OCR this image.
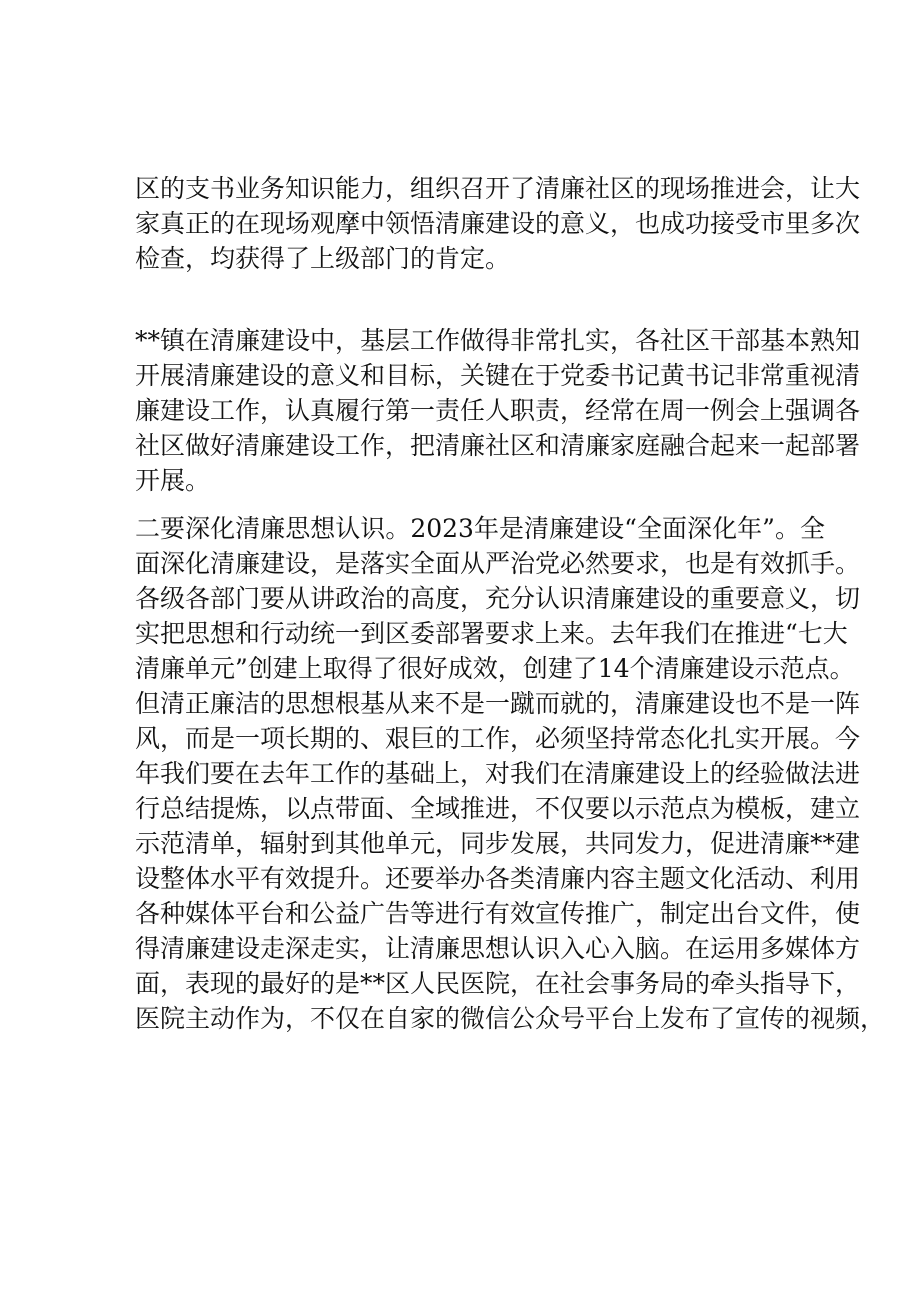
区的支书业务知识能力，组织召开了清廉社区的现场推进会，让大
家真正的在现场观摩中领悟清廉建设的意义，也成功接受市里多次
检查，均获得了上级部门的肯定。
**镇在清廉建设中，基层工作做得非常扎实，各社区干部基本熟知
开展清廉建设的意义和目标，关键在于党委书记黄书记非常重视清
廉建设工作，认真履行第一责任人职责，经常在周一例会上强调各
社区做好清廉建设工作，把清廉社区和清廉家庭融合起来一起部署
开展。
二要深化清廉思想认识。2023年是清廉建设“全面深化年”。全
面深化清廉建设，是落实全面从严治党必然要求，也是有效抓手。
各级各部门要从讲政治的高度，充分认识清廉建设的重要意义，切
实把思想和行动统一到区委部署要求上来。去年我们在推进“七大
清廉单元”创建上取得了很好成效，创建了14个清廉建设示范点。
但清正廉洁的思想根基从来不是一蹴而就的，清廉建设也不是一阵
风，而是一项长期的、艰巨的工作，必须坚持常态化扎实开展。今
年我们要在去年工作的基础上，对我们在清廉建设上的经验做法进
行总结提炼，以点带面、全域推进，不仅要以示范点为模板，建立
示范清单，辐射到其他单元，同步发展，共同发力，促进清廉**建
设整体水平有效提升。还要举办各类清廉内容主题文化活动、利用
各种媒体平台和公益广告等进行有效宣传推广，制定出台文件，使
得清廉建设走深走实，让清廉思想认识入心入脑。在运用多媒体方
面，表现的最好的是**区人民医院，在社会事务局的牵头指导下，
医院主动作为，不仅在自家的微信公众号平台上发布了宣传的视频，
